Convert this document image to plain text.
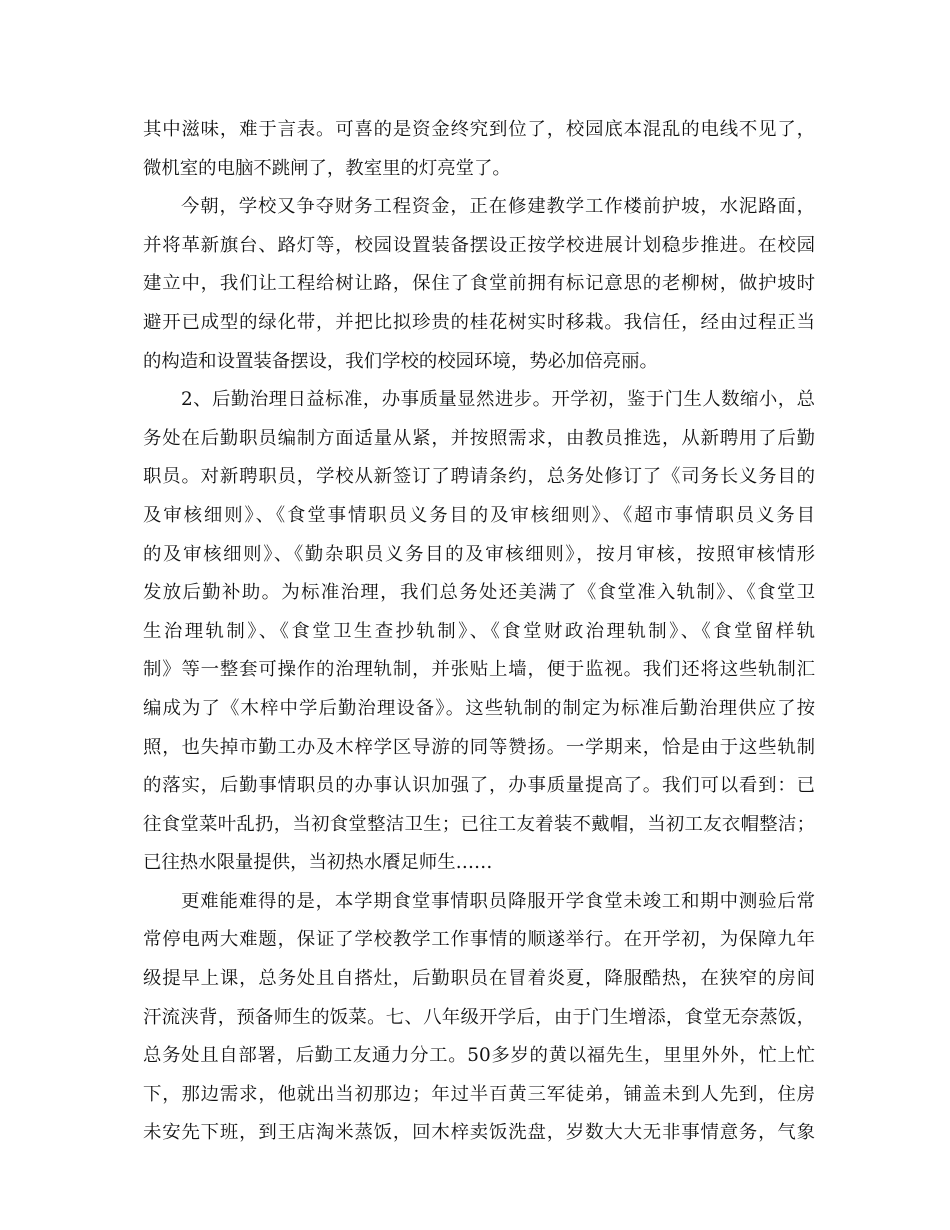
其中滋味，难于言表。可喜的是资金终究到位了，校园底本混乱的电线不见了，
微机室的电脑不跳闸了，教室里的灯亮堂了。
今朝，学校又争夺财务工程资金，正在修建教学工作楼前护坡，水泥路面，
并将革新旗台、路灯等，校园设置装备摆设正按学校进展计划稳步推进。在校园
建立中，我们让工程给树让路，保住了食堂前拥有标记意思的老柳树，做护坡时
避开已成型的绿化带，并把比拟珍贵的桂花树实时移栽。我信任，经由过程正当
的构造和设置装备摆设，我们学校的校园环境，势必加倍亮丽。
2、后勤治理日益标准，办事质量显然进步。开学初，鉴于门生人数缩小，总
务处在后勤职员编制方面适量从紧，并按照需求，由教员推选，从新聘用了后勤
职员。对新聘职员，学校从新签订了聘请条约，总务处修订了《司务长义务目的
及审核细则》、《食堂事情职员义务目的及审核细则》、《超市事情职员义务目
的及审核细则》、《勤杂职员义务目的及审核细则》，按月审核，按照审核情形
发放后勤补助。为标准治理，我们总务处还美满了《食堂准入轨制》、《食堂卫
生治理轨制》、《食堂卫生查抄轨制》、《食堂财政治理轨制》、《食堂留样轨
制》等一整套可操作的治理轨制，并张贴上墙，便于监视。我们还将这些轨制汇
编成为了《木梓中学后勤治理设备》。这些轨制的制定为标准后勤治理供应了按
照，也失掉市勤工办及木梓学区导游的同等赞扬。一学期来，恰是由于这些轨制
的落实，后勤事情职员的办事认识加强了，办事质量提高了。我们可以看到：已
往食堂菜叶乱扔，当初食堂整洁卫生；已往工友着装不戴帽，当初工友衣帽整洁；
已往热水限量提供，当初热水餍足师生……
更难能难得的是，本学期食堂事情职员降服开学食堂未竣工和期中测验后常
常停电两大难题，保证了学校教学工作事情的顺遂举行。在开学初，为保障九年
级提早上课，总务处且自搭灶，后勤职员在冒着炎夏，降服酷热，在狭窄的房间
汗流浃背，预备师生的饭菜。七、八年级开学后，由于门生增添，食堂无奈蒸饭，
总务处且自部署，后勤工友通力分工。50多岁的黄以福先生，里里外外，忙上忙
下，那边需求，他就出当初那边；年过半百黄三军徒弟，铺盖未到人先到，住房
未安先下班，到王店淘米蒸饭，回木梓卖饭洗盘，岁数大大无非事情意务，气象
